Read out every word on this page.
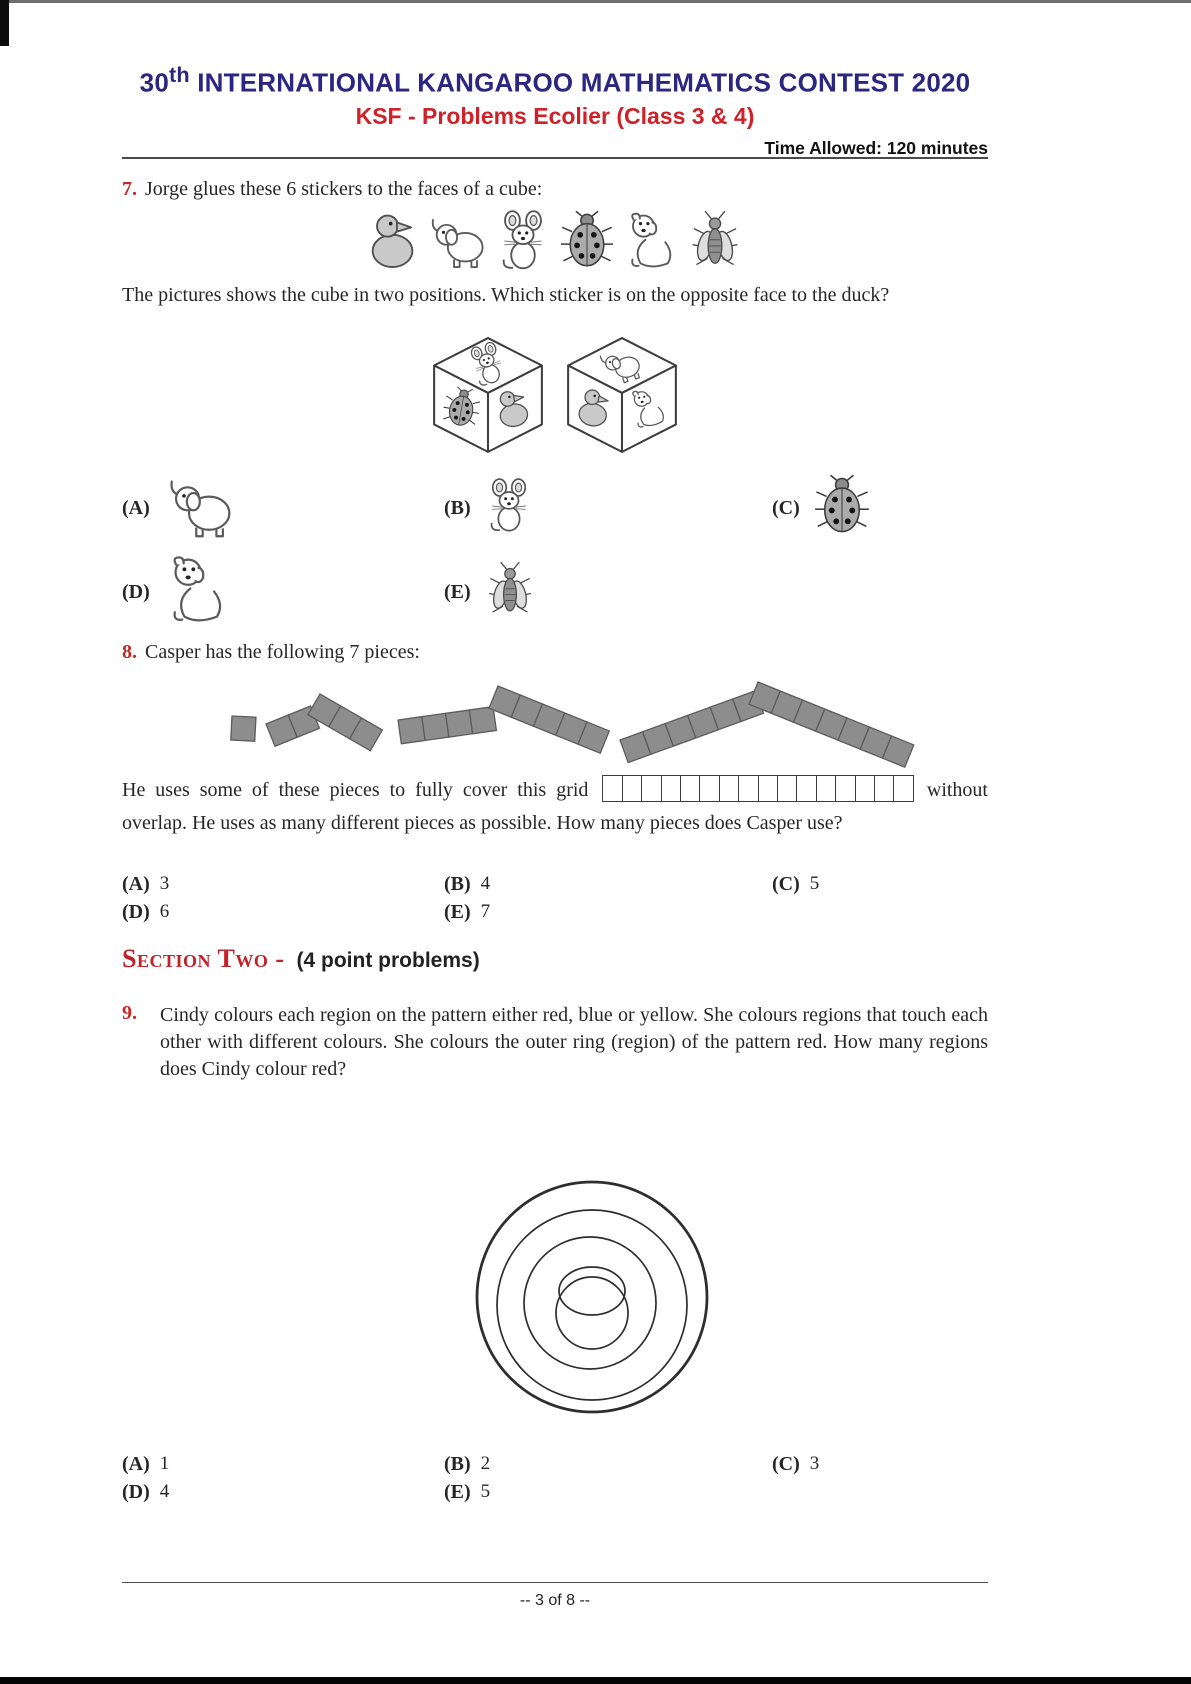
30th INTERNATIONAL KANGAROO MATHEMATICS CONTEST 2020
KSF - Problems Ecolier (Class 3 & 4)
Time Allowed: 120 minutes
7. Jorge glues these 6 stickers to the faces of a cube:

The pictures shows the cube in two positions. Which sticker is on the opposite face to the duck?

(A)	(B)	(C)
(D)	(E)
8. Casper has the following 7 pieces:

He uses some of these pieces to fully cover this grid	without overlap. He uses as many different pieces as possible. How many pieces does Casper use?

(A) 3	(B) 4	(C) 5
(D) 6	(E) 7
Section Two - (4 point problems)
9.	Cindy colours each region on the pattern either red, blue or yellow. She colours regions that touch each other with different colours. She colours the outer ring (region) of the pattern red. How many regions does Cindy colour red?

(A) 1	(B) 2	(C) 3
(D) 4	(E) 5
-- 3 of 8 --
